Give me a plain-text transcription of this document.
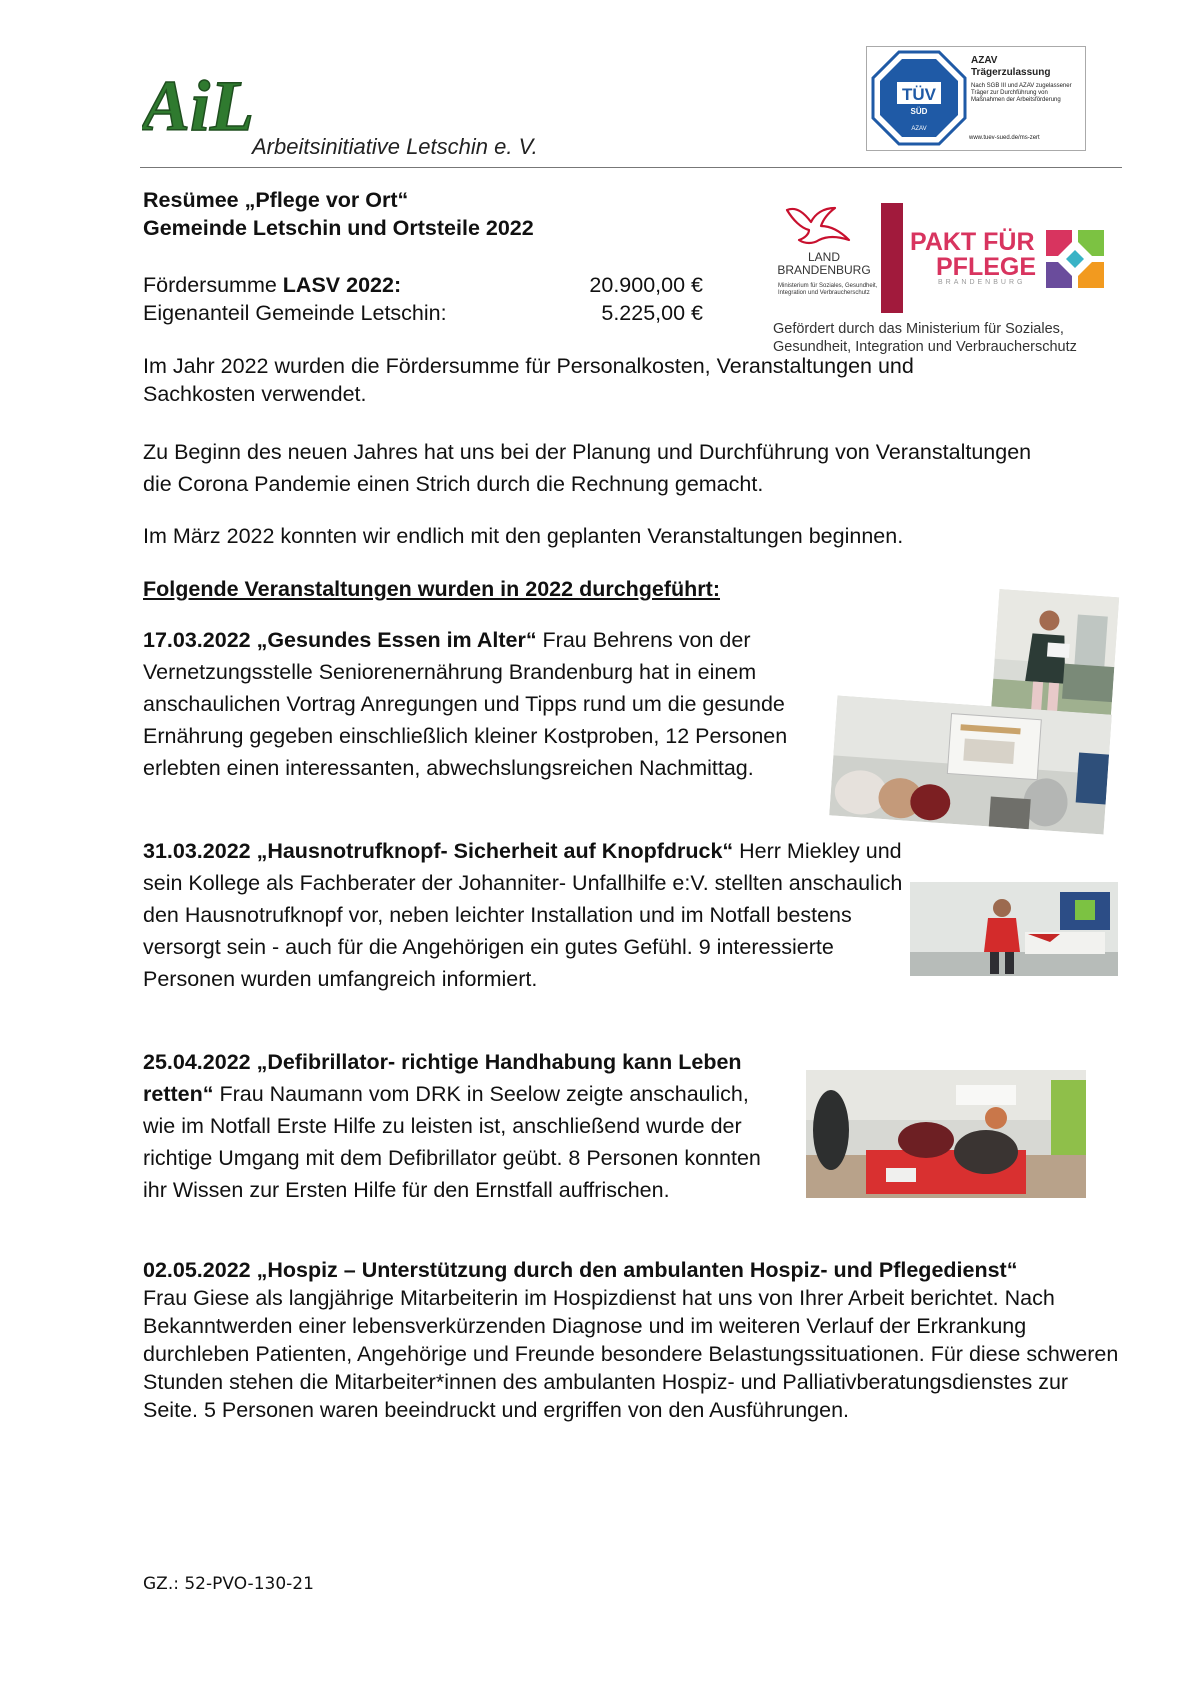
AiL
Arbeitsinitiative Letschin e. V.
TÜV
SÜD
AZAV
AZAV
Trägerzulassung
Nach SGB III und AZAV zugelassener Träger zur Durchführung von Maßnahmen der Arbeitsförderung
www.tuev-sued.de/ms-zert
LAND
BRANDENBURG
Ministerium für Soziales, Gesundheit, Integration und Verbraucherschutz
PAKT FÜR
PFLEGE
BRANDENBURG
Gefördert durch das Ministerium für Soziales, Gesundheit, Integration und Verbraucherschutz
Resümee „Pflege vor Ort“
Gemeinde Letschin und Ortsteile 2022
Fördersumme LASV 2022:	20.900,00 €
Eigenanteil Gemeinde Letschin:	5.225,00 €
Im Jahr 2022 wurden die Fördersumme für Personalkosten, Veranstaltungen und Sachkosten verwendet.
Zu Beginn des neuen Jahres hat uns bei der Planung und Durchführung von Veranstaltungen die Corona Pandemie einen Strich durch die Rechnung gemacht.
Im März 2022 konnten wir endlich mit den geplanten Veranstaltungen beginnen.
Folgende Veranstaltungen wurden in 2022 durchgeführt:
17.03.2022 „Gesundes Essen im Alter“ Frau Behrens von der Vernetzungsstelle Seniorenernährung Brandenburg hat in einem anschaulichen Vortrag Anregungen und Tipps rund um die gesunde Ernährung gegeben einschließlich kleiner Kostproben, 12 Personen erlebten einen interessanten, abwechslungsreichen Nachmittag.
31.03.2022 „Hausnotrufknopf- Sicherheit auf Knopfdruck“ Herr Miekley und sein Kollege als Fachberater der Johanniter- Unfallhilfe e:V. stellten anschaulich den Hausnotrufknopf vor, neben leichter Installation und im Notfall bestens versorgt sein - auch für die Angehörigen ein gutes Gefühl. 9 interessierte Personen wurden umfangreich informiert.
25.04.2022 „Defibrillator- richtige Handhabung kann Leben retten“ Frau Naumann vom DRK in Seelow zeigte anschaulich, wie im Notfall Erste Hilfe zu leisten ist, anschließend wurde der richtige Umgang mit dem Defibrillator geübt. 8 Personen konnten ihr Wissen zur Ersten Hilfe für den Ernstfall auffrischen.
02.05.2022 „Hospiz – Unterstützung durch den ambulanten Hospiz- und Pflegedienst“
Frau Giese als langjährige Mitarbeiterin im Hospizdienst hat uns von Ihrer Arbeit berichtet. Nach Bekanntwerden einer lebensverkürzenden Diagnose und im weiteren Verlauf der Erkrankung durchleben Patienten, Angehörige und Freunde besondere Belastungssituationen. Für diese schweren Stunden stehen die Mitarbeiter*innen des ambulanten Hospiz- und Palliativberatungsdienstes zur Seite. 5 Personen waren beeindruckt und ergriffen von den Ausführungen.
GZ.: 52-PVO-130-21
